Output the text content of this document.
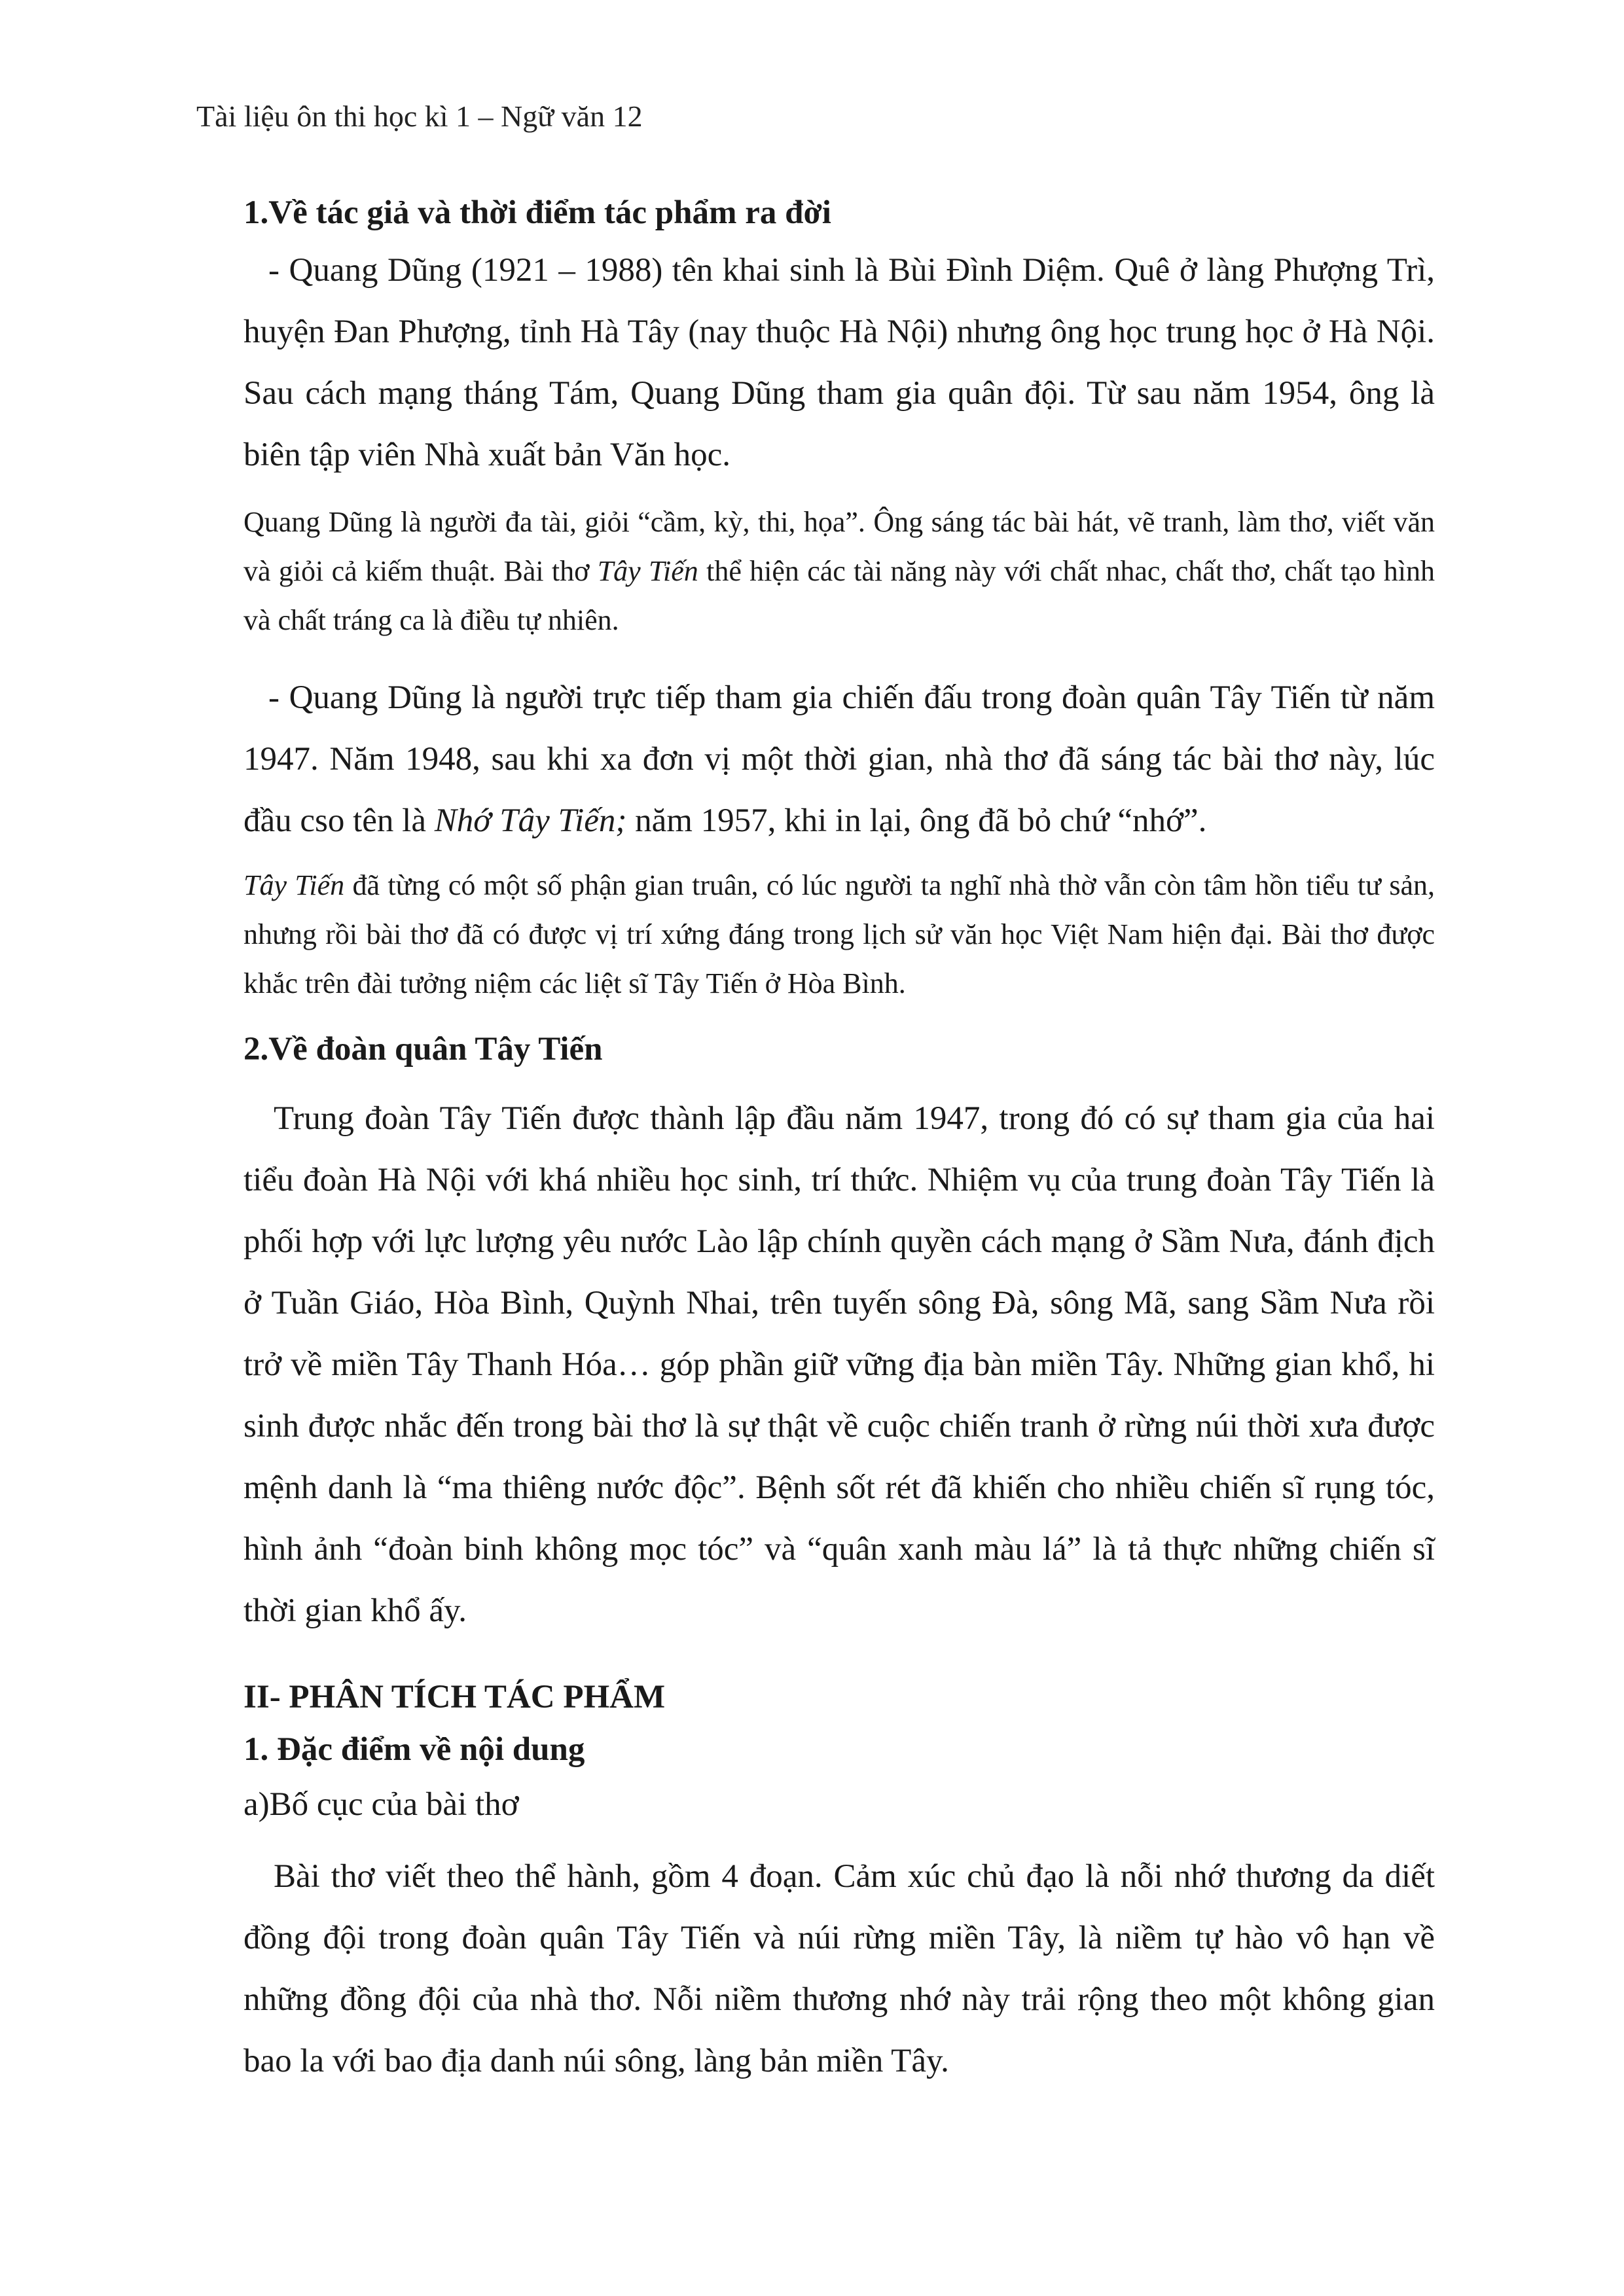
Tài liệu ôn thi học kì 1 – Ngữ văn 12

1.Về tác giả và thời điểm tác phẩm ra đời

- Quang Dũng (1921 – 1988) tên khai sinh là Bùi Đình Diệm. Quê ở làng Phượng Trì, huyện Đan Phượng, tỉnh Hà Tây (nay thuộc Hà Nội) nhưng ông học trung học ở Hà Nội. Sau cách mạng tháng Tám, Quang Dũng tham gia quân đội. Từ sau năm 1954, ông là biên tập viên Nhà xuất bản Văn học.

Quang Dũng là người đa tài, giỏi “cầm, kỳ, thi, họa”. Ông sáng tác bài hát, vẽ tranh, làm thơ, viết văn và giỏi cả kiếm thuật. Bài thơ Tây Tiến thể hiện các tài năng này với chất nhac, chất thơ, chất tạo hình và chất tráng ca là điều tự nhiên.

- Quang Dũng là người trực tiếp tham gia chiến đấu trong đoàn quân Tây Tiến từ năm 1947. Năm 1948, sau khi xa đơn vị một thời gian, nhà thơ đã sáng tác bài thơ này, lúc đầu cso tên là Nhớ Tây Tiến; năm 1957, khi in lại, ông đã bỏ chứ “nhớ”.

Tây Tiến đã từng có một số phận gian truân, có lúc người ta nghĩ nhà thờ vẫn còn tâm hồn tiểu tư sản, nhưng rồi bài thơ đã có được vị trí xứng đáng trong lịch sử văn học Việt Nam hiện đại. Bài thơ được khắc trên đài tưởng niệm các liệt sĩ Tây Tiến ở Hòa Bình.

2.Về đoàn quân Tây Tiến

Trung đoàn Tây Tiến được thành lập đầu năm 1947, trong đó có sự tham gia của hai tiểu đoàn Hà Nội với khá nhiều học sinh, trí thức. Nhiệm vụ của trung đoàn Tây Tiến là phối hợp với lực lượng yêu nước Lào lập chính quyền cách mạng ở Sầm Nưa, đánh địch ở Tuần Giáo, Hòa Bình, Quỳnh Nhai, trên tuyến sông Đà, sông Mã, sang Sầm Nưa rồi trở về miền Tây Thanh Hóa… góp phần giữ vững địa bàn miền Tây. Những gian khổ, hi sinh được nhắc đến trong bài thơ là sự thật về cuộc chiến tranh ở rừng núi thời xưa được mệnh danh là “ma thiêng nước độc”. Bệnh sốt rét đã khiến cho nhiều chiến sĩ rụng tóc, hình ảnh “đoàn binh không mọc tóc” và “quân xanh màu lá” là tả thực những chiến sĩ thời gian khổ ấy.

II- PHÂN TÍCH TÁC PHẨM

1. Đặc điểm về nội dung

a)Bố cục của bài thơ

Bài thơ viết theo thể hành, gồm 4 đoạn. Cảm xúc chủ đạo là nỗi nhớ thương da diết đồng đội trong đoàn quân Tây Tiến và núi rừng miền Tây, là niềm tự hào vô hạn về những đồng đội của nhà thơ. Nỗi niềm thương nhớ này trải rộng theo một không gian bao la với bao địa danh núi sông, làng bản miền Tây.
